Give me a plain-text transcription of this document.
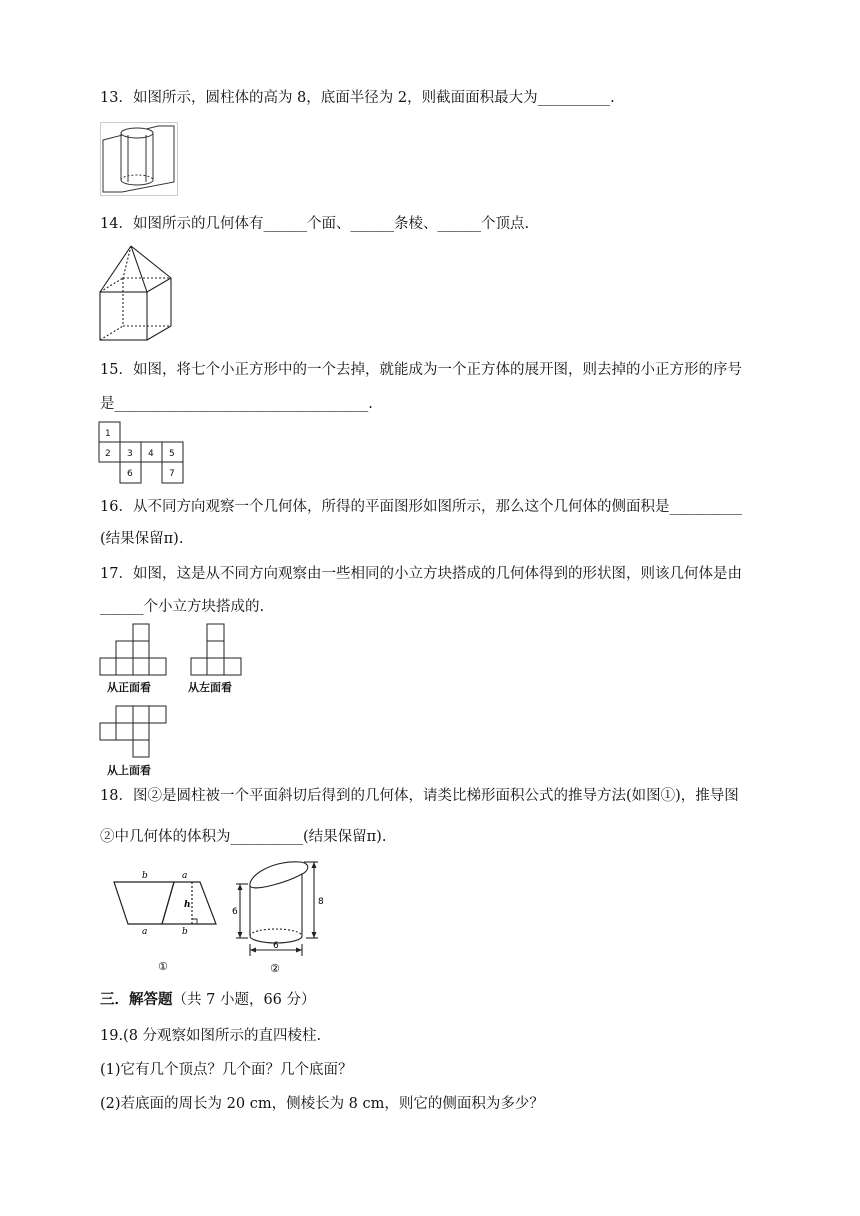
13．如图所示，圆柱体的高为 8，底面半径为 2，则截面面积最大为__________.
14．如图所示的几何体有______个面、______条棱、______个顶点.
15．如图，将七个小正方形中的一个去掉，就能成为一个正方体的展开图，则去掉的小正方形的序号
是___________________________________.
1
2 3 4 5
6	7
16．从不同方向观察一个几何体，所得的平面图形如图所示，那么这个几何体的侧面积是__________
(结果保留π).
17．如图，这是从不同方向观察由一些相同的小立方块搭成的几何体得到的形状图，则该几何体是由
______个小立方块搭成的.
从正面看	从左面看
从上面看
18．图②是圆柱被一个平面斜切后得到的几何体，请类比梯形面积公式的推导方法(如图①)，推导图
②中几何体的体积为__________(结果保留π).
b	a
h
a	b
①
6
8
6
②
三．解答题（共 7 小题，66 分）
19.(8 分观察如图所示的直四棱柱.
(1)它有几个顶点？几个面？几个底面？
(2)若底面的周长为 20 cm，侧棱长为 8 cm，则它的侧面积为多少？
